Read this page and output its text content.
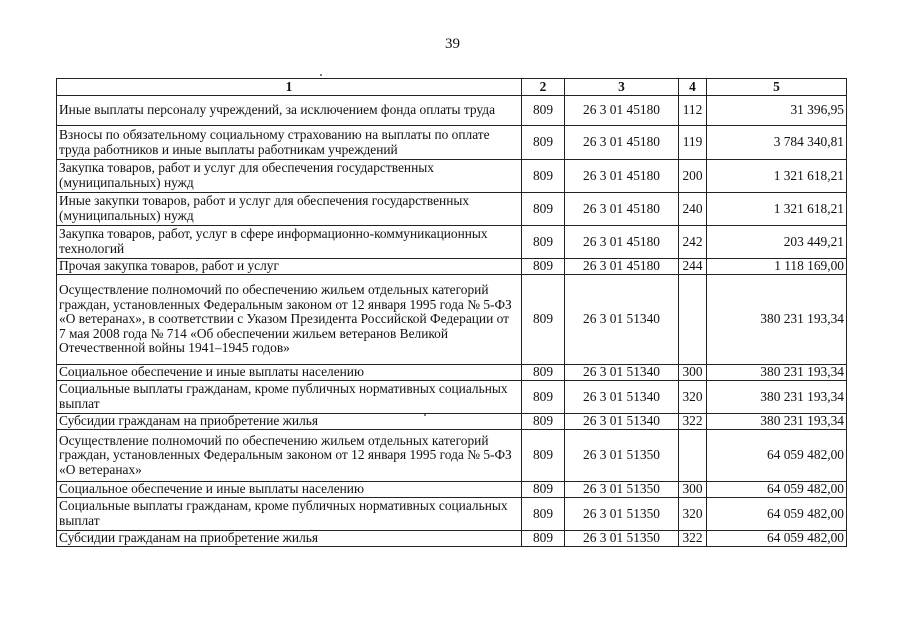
39
1	2	3	4	5
Иные выплаты персоналу учреждений, за исключением фонда оплаты труда	809	26 3 01 45180	112	31 396,95
Взносы по обязательному социальному страхованию на выплаты по оплате труда работников и иные выплаты работникам учреждений	809	26 3 01 45180	119	3 784 340,81
Закупка товаров, работ и услуг для обеспечения государственных (муниципальных) нужд	809	26 3 01 45180	200	1 321 618,21
Иные закупки товаров, работ и услуг для обеспечения государственных (муниципальных) нужд	809	26 3 01 45180	240	1 321 618,21
Закупка товаров, работ, услуг в сфере информационно-коммуникационных технологий	809	26 3 01 45180	242	203 449,21
Прочая закупка товаров, работ и услуг	809	26 3 01 45180	244	1 118 169,00
Осуществление полномочий по обеспечению жильем отдельных категорий граждан, установленных Федеральным законом от 12 января 1995 года № 5-ФЗ «О ветеранах», в соответствии с Указом Президента Российской Федерации от 7 мая 2008 года № 714 «Об обеспечении жильем ветеранов Великой Отечественной войны 1941–1945 годов»	809	26 3 01 51340		380 231 193,34
Социальное обеспечение и иные выплаты населению	809	26 3 01 51340	300	380 231 193,34
Социальные выплаты гражданам, кроме публичных нормативных социальных выплат	809	26 3 01 51340	320	380 231 193,34
Субсидии гражданам на приобретение жилья	809	26 3 01 51340	322	380 231 193,34
Осуществление полномочий по обеспечению жильем отдельных категорий граждан, установленных Федеральным законом от 12 января 1995 года № 5-ФЗ «О ветеранах»	809	26 3 01 51350		64 059 482,00
Социальное обеспечение и иные выплаты населению	809	26 3 01 51350	300	64 059 482,00
Социальные выплаты гражданам, кроме публичных нормативных социальных выплат	809	26 3 01 51350	320	64 059 482,00
Субсидии гражданам на приобретение жилья	809	26 3 01 51350	322	64 059 482,00
